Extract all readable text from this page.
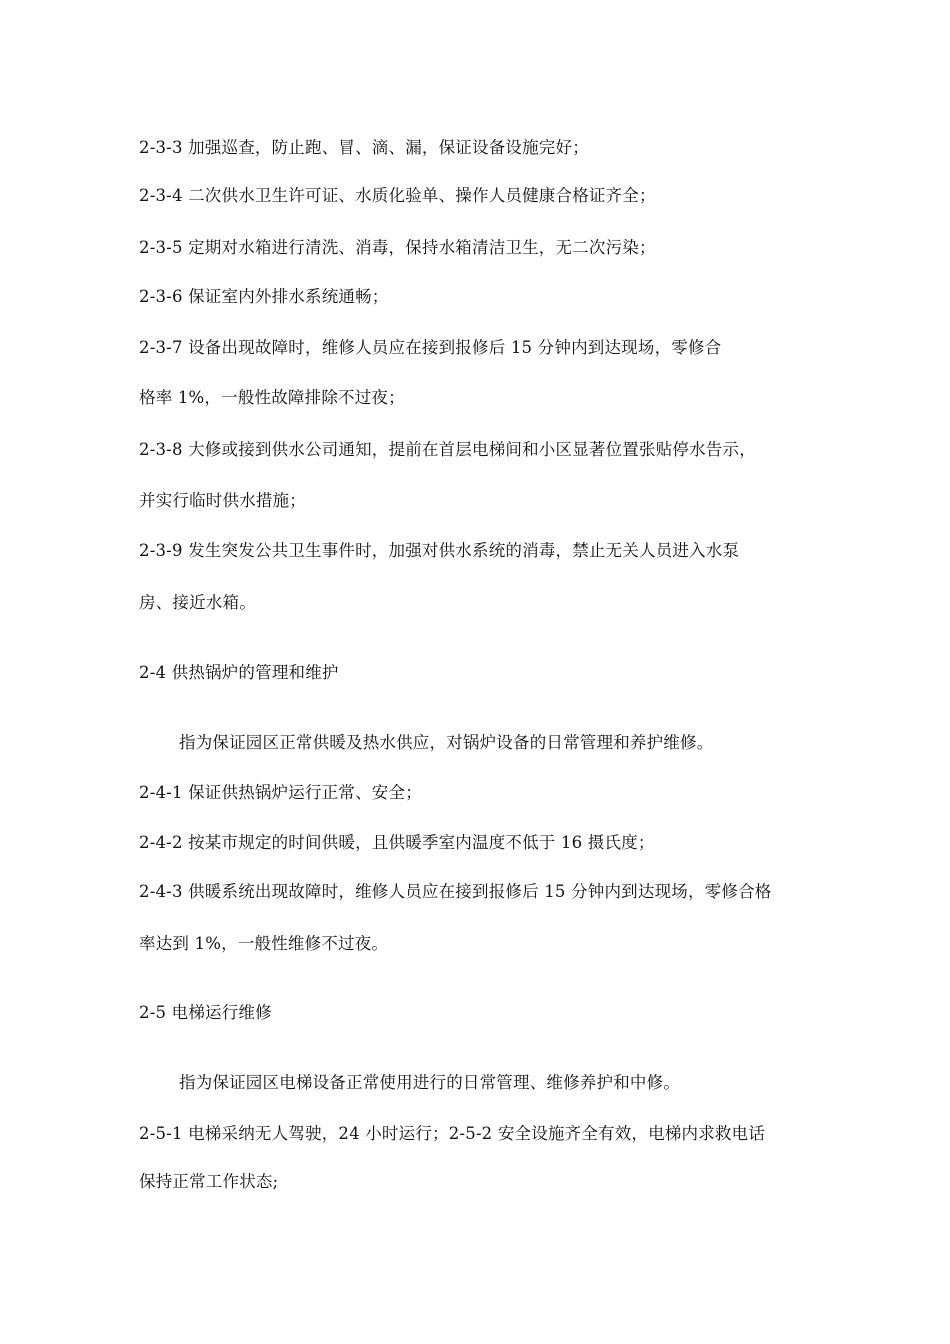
2-3-3 加强巡查，防止跑、冒、滴、漏，保证设备设施完好；
2-3-4 二次供水卫生许可证、水质化验单、操作人员健康合格证齐全；
2-3-5 定期对水箱进行清洗、消毒，保持水箱清洁卫生，无二次污染；
2-3-6 保证室内外排水系统通畅；
2-3-7 设备出现故障时，维修人员应在接到报修后 15 分钟内到达现场，零修合
格率 1%，一般性故障排除不过夜；
2-3-8 大修或接到供水公司通知，提前在首层电梯间和小区显著位置张贴停水告示，
并实行临时供水措施；
2-3-9 发生突发公共卫生事件时，加强对供水系统的消毒，禁止无关人员进入水泵
房、接近水箱。
2-4 供热锅炉的管理和维护
指为保证园区正常供暖及热水供应，对锅炉设备的日常管理和养护维修。
2-4-1 保证供热锅炉运行正常、安全；
2-4-2 按某市规定的时间供暖，且供暖季室内温度不低于 16 摄氏度；
2-4-3 供暖系统出现故障时，维修人员应在接到报修后 15 分钟内到达现场，零修合格
率达到 1%，一般性维修不过夜。
2-5 电梯运行维修
指为保证园区电梯设备正常使用进行的日常管理、维修养护和中修。
2-5-1 电梯采纳无人驾驶，24 小时运行；2-5-2 安全设施齐全有效，电梯内求救电话
保持正常工作状态;
